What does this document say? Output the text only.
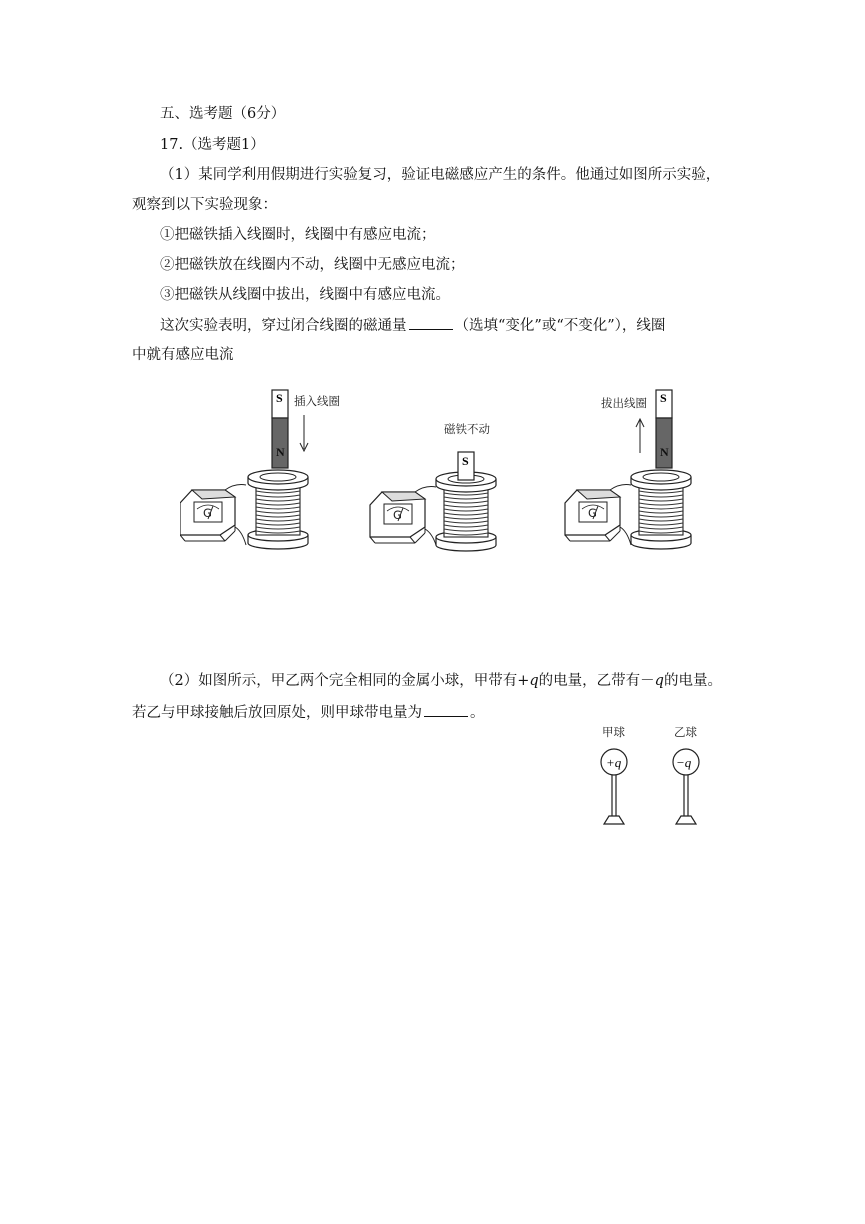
五、选考题（6分）
17.（选考题1）
（1）某同学利用假期进行实验复习，验证电磁感应产生的条件。他通过如图所示实验，
观察到以下实验现象：
①把磁铁插入线圈时，线圈中有感应电流；
②把磁铁放在线圈内不动，线圈中无感应电流；
③把磁铁从线圈中拔出，线圈中有感应电流。
这次实验表明，穿过闭合线圈的磁通量	（选填“变化”或“不变化”），线圈
中就有感应电流
G
S
N
插入线圈
G
S
磁铁不动
G
S
N
拔出线圈
（2）如图所示，甲乙两个完全相同的金属小球，甲带有+q的电量，乙带有－q的电量。
若乙与甲球接触后放回原处，则甲球带电量为	。
甲球	乙球
+q	−q
